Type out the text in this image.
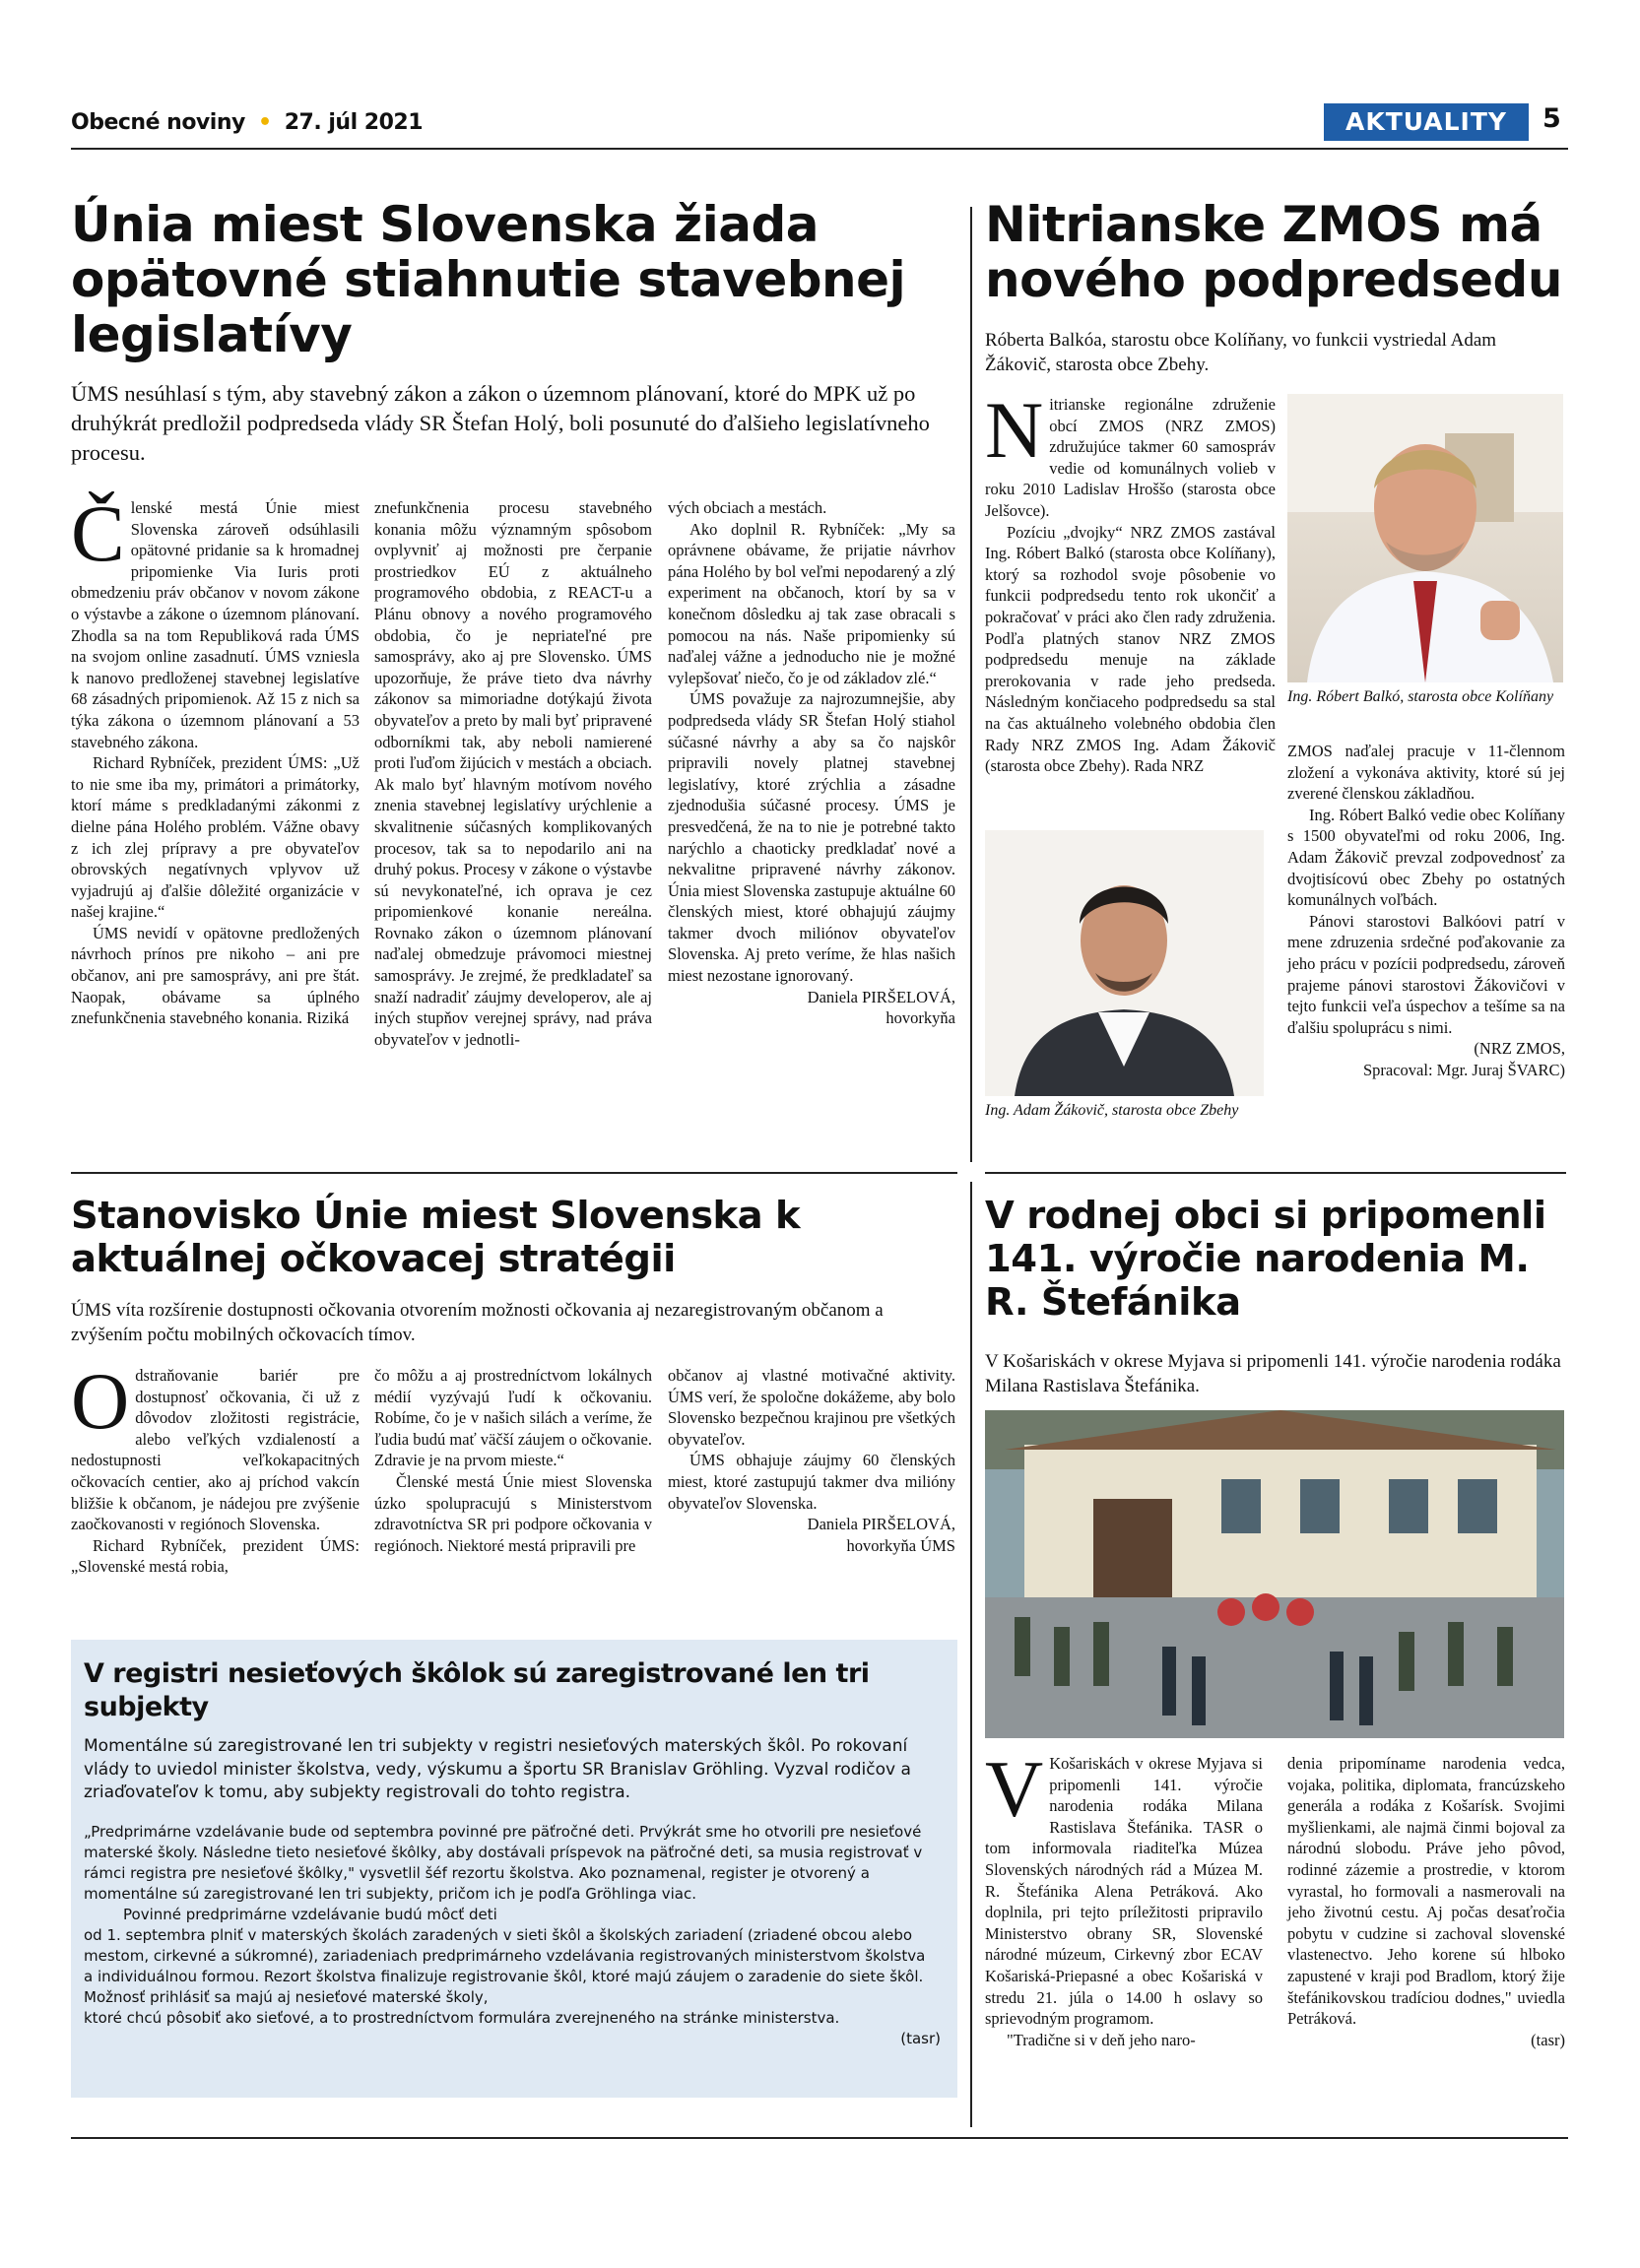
Obecné noviny • 27. júl 2021	AKTUALITY	5
Únia miest Slovenska žiada opätovné stiahnutie stavebnej legislatívy
ÚMS nesúhlasí s tým, aby stavebný zákon a zákon o územnom plánovaní, ktoré do MPK už po druhýkrát predložil podpredseda vlády SR Štefan Holý, boli posunuté do ďalšieho legislatívneho procesu.
Č lenské mestá Únie miest Slovenska zároveň odsúhlasili opätovné pridanie sa k hromadnej pripomienke Via Iuris proti obmedzeniu práv občanov v novom zákone o výstavbe a zákone o územnom plánovaní. Zhodla sa na tom Republiková rada ÚMS na svojom online zasadnutí. ÚMS vzniesla k nanovo predloženej stavebnej legislatíve 68 zásadných pripomienok. Až 15 z nich sa týka zákona o územnom plánovaní a 53 stavebného zákona.

Richard Rybníček, prezident ÚMS: „Už to nie sme iba my, primátori a primátorky, ktorí máme s predkladanými zákonmi z dielne pána Holého problém. Vážne obavy z ich zlej prípravy a pre obyvateľov obrovských negatívnych vplyvov už vyjadrujú aj ďalšie dôležité organizácie v našej krajine.“

ÚMS nevidí v opätovne predložených návrhoch prínos pre nikoho – ani pre občanov, ani pre samosprávy, ani pre štát. Naopak, obávame sa úplného znefunkčnenia stavebného konania. Riziká

znefunkčnenia procesu stavebného konania môžu významným spôsobom ovplyvniť aj možnosti pre čerpanie prostriedkov EÚ z aktuálneho programového obdobia, z REACT-u a Plánu obnovy a nového programového obdobia, čo je nepriateľné pre samosprávy, ako aj pre Slovensko. ÚMS upozorňuje, že práve tieto dva návrhy zákonov sa mimoriadne dotýkajú života obyvateľov a preto by mali byť pripravené odborníkmi tak, aby neboli namierené proti ľuďom žijúcich v mestách a obciach. Ak malo byť hlavným motívom nového znenia stavebnej legislatívy urýchlenie a skvalitnenie súčasných komplikovaných procesov, tak sa to nepodarilo ani na druhý pokus. Procesy v zákone o výstavbe sú nevykonateľné, ich oprava je cez pripomienkové konanie nereálna. Rovnako zákon o územnom plánovaní naďalej obmedzuje právomoci miestnej samosprávy. Je zrejmé, že predkladateľ sa snaží nadradiť záujmy developerov, ale aj iných stupňov verejnej správy, nad práva obyvateľov v jednotli-

vých obciach a mestách.

Ako doplnil R. Rybníček: „My sa oprávnene obávame, že prijatie návrhov pána Holého by bol veľmi nepodarený a zlý experiment na občanoch, ktorí by sa v konečnom dôsledku aj tak zase obracali s pomocou na nás. Naše pripomienky sú naďalej vážne a jednoducho nie je možné vylepšovať niečo, čo je od základov zlé.“

ÚMS považuje za najrozumnejšie, aby podpredseda vlády SR Štefan Holý stiahol súčasné návrhy a aby sa čo najskôr pripravili novely platnej stavebnej legislatívy, ktoré zrýchlia a zásadne zjednodušia súčasné procesy. ÚMS je presvedčená, že na to nie je potrebné takto narýchlo a chaoticky predkladať nové a nekvalitne pripravené návrhy zákonov. Únia miest Slovenska zastupuje aktuálne 60 členských miest, ktoré obhajujú záujmy takmer dvoch miliónov obyvateľov Slovenska. Aj preto veríme, že hlas našich miest nezostane ignorovaný.

Daniela PIRŠELOVÁ,

hovorkyňa

Nitrianske ZMOS má nového podpredsedu
Róberta Balkóa, starostu obce Kolíňany, vo funkcii vystriedal Adam Žákovič, starosta obce Zbehy.
N itrianske regionálne združenie obcí ZMOS (NRZ ZMOS) združujúce takmer 60 samospráv vedie od komunálnych volieb v roku 2010 Ladislav Hrošš​o (starosta obce Jelšovce).

Pozíciu „dvojky“ NRZ ZMOS zastával Ing. Róbert Balkó (starosta obce Kolíňany), ktorý sa rozhodol svoje pôsobenie vo funkcii podpredsedu tento rok ukončiť a pokračovať v práci ako člen rady združenia. Podľa platných stanov NRZ ZMOS podpredsedu menuje na základe prerokovania v rade jeho predseda. Následným končiaceho podpredsedu sa stal na čas aktuálneho volebného obdobia člen Rady NRZ ZMOS Ing. Adam Žákovič (starosta obce Zbehy). Rada NRZ

Ing. Róbert Balkó, starosta obce Kolíňany
Ing. Adam Žákovič, starosta obce Zbehy

ZMOS naďalej pracuje v 11-člennom zložení a vykonáva aktivity, ktoré sú jej zverené členskou základňou.

Ing. Róbert Balkó vedie obec Kolíňany s 1500 obyvateľmi od roku 2006, Ing. Adam Žákovič prevzal zodpovednosť za dvojtisícovú obec Zbehy po ostatných komunálnych voľbách.

Pánovi starostovi Balkóovi patrí v mene zdruzenia srdečné poďakovanie za jeho prácu v pozícii podpredsedu, zároveň prajeme pánovi starostovi Žákovičovi v tejto funkcii veľa úspechov a tešíme sa na ďalšiu spoluprácu s nimi.

(NRZ ZMOS,

Spracoval: Mgr. Juraj ŠVARC)

Stanovisko Únie miest Slovenska k aktuálnej očkovacej stratégii
ÚMS víta rozšírenie dostupnosti očkovania otvorením možnosti očkovania aj nezaregistrovaným občanom a zvýšením počtu mobilných očkovacích tímov.
O dstraňovanie bariér pre dostupnosť očkovania, či už z dôvodov zložitosti registrácie, alebo veľkých vzdialeností a nedostupnosti veľkokapacitných očkovacích centier, ako aj príchod vakcín bližšie k občanom, je nádejou pre zvýšenie zaočkovanosti v regiónoch Slovenska.

Richard Rybníček, prezident ÚMS: „Slovenské mestá robia,

čo môžu a aj prostredníctvom lokálnych médií vyzývajú ľudí k očkovaniu. Robíme, čo je v našich silách a veríme, že ľudia budú mať väčší záujem o očkovanie. Zdravie je na prvom mieste.“

Členské mestá Únie miest Slovenska úzko spolupracujú s Ministerstvom zdravotníctva SR pri podpore očkovania v regiónoch. Niektoré mestá pripravili pre

občanov aj vlastné motivačné aktivity. ÚMS verí, že spoločne dokážeme, aby bolo Slovensko bezpečnou krajinou pre všetkých obyvateľov.

ÚMS obhajuje záujmy 60 členských miest, ktoré zastupujú takmer dva milióny obyvateľov Slovenska.

Daniela PIRŠELOVÁ,

hovorkyňa ÚMS

V registri nesieťových škôlok sú zaregistrované len tri subjekty
Momentálne sú zaregistrované len tri subjekty v registri nesieťových materských škôl. Po rokovaní vlády to uviedol minister školstva, vedy, výskumu a športu SR Branislav Gröhling. Vyzval rodičov a zriaďovateľov k tomu, aby subjekty registrovali do tohto registra.

„Predprimárne vzdelávanie bude od septembra povinné pre päťročné deti. Prvýkrát sme ho otvorili pre nesieťové materské školy. Následne tieto nesieťové škôlky, aby dostávali príspevok na päťročné deti, sa musia registrovať v rámci registra pre nesieťové škôlky," vysvetlil šéf rezortu školstva. Ako poznamenal, register je otvorený a momentálne sú zaregistrované len tri subjekty, pričom ich je podľa Gröhlinga viac.

Povinné predprimárne vzdelávanie budú môcť deti

od 1. septembra plniť v materských školách zaradených v sieti škôl a školských zariadení (zriadené obcou alebo mestom, cirkevné a súkromné), zariadeniach predprimárneho vzdelávania registrovaných ministerstvom školstva

a individuálnou formou. Rezort školstva finalizuje registrovanie škôl, ktoré majú záujem o zaradenie do siete škôl. Možnosť prihlásiť sa majú aj nesieťové materské školy,

ktoré chcú pôsobiť ako sieťové, a to prostredníctvom formulára zverejneného na stránke ministerstva.

(tasr)

V rodnej obci si pripomenli 141. výročie narodenia M. R. Štefánika
V Košariskách v okrese Myjava si pripomenli 141. výročie narodenia rodáka Milana Rastislava Štefánika.
V Košariskách v okrese Myjava si pripomenli 141. výročie narodenia rodáka Milana Rastislava Štefánika. TASR o tom informovala riaditeľka Múzea Slovenských národných rád a Múzea M. R. Štefánika Alena Petráková. Ako doplnila, pri tejto príležitosti pripravilo Ministerstvo obrany SR, Slovenské národné múzeum, Cirkevný zbor ECAV Košariská-Priepasné a obec Košariská v stredu 21. júla o 14.00 h oslavy so sprievodným programom.

"Tradične si v deň jeho naro-

denia pripomíname narodenia vedca, vojaka, politika, diplomata, francúzskeho generála a rodáka z Košarísk. Svojimi myšlienkami, ale najmä činmi bojoval za národnú slobodu. Práve jeho pôvod, rodinné zázemie a prostredie, v ktorom vyrastal, ho formovali a nasmerovali na jeho životnú cestu. Aj počas desaťročia pobytu v cudzine si zachoval slovenské vlastenectvo. Jeho korene sú hlboko zapustené v kraji pod Bradlom, ktorý žije štefánikovskou tradíciou dodnes," uviedla Petráková.

(tasr)
